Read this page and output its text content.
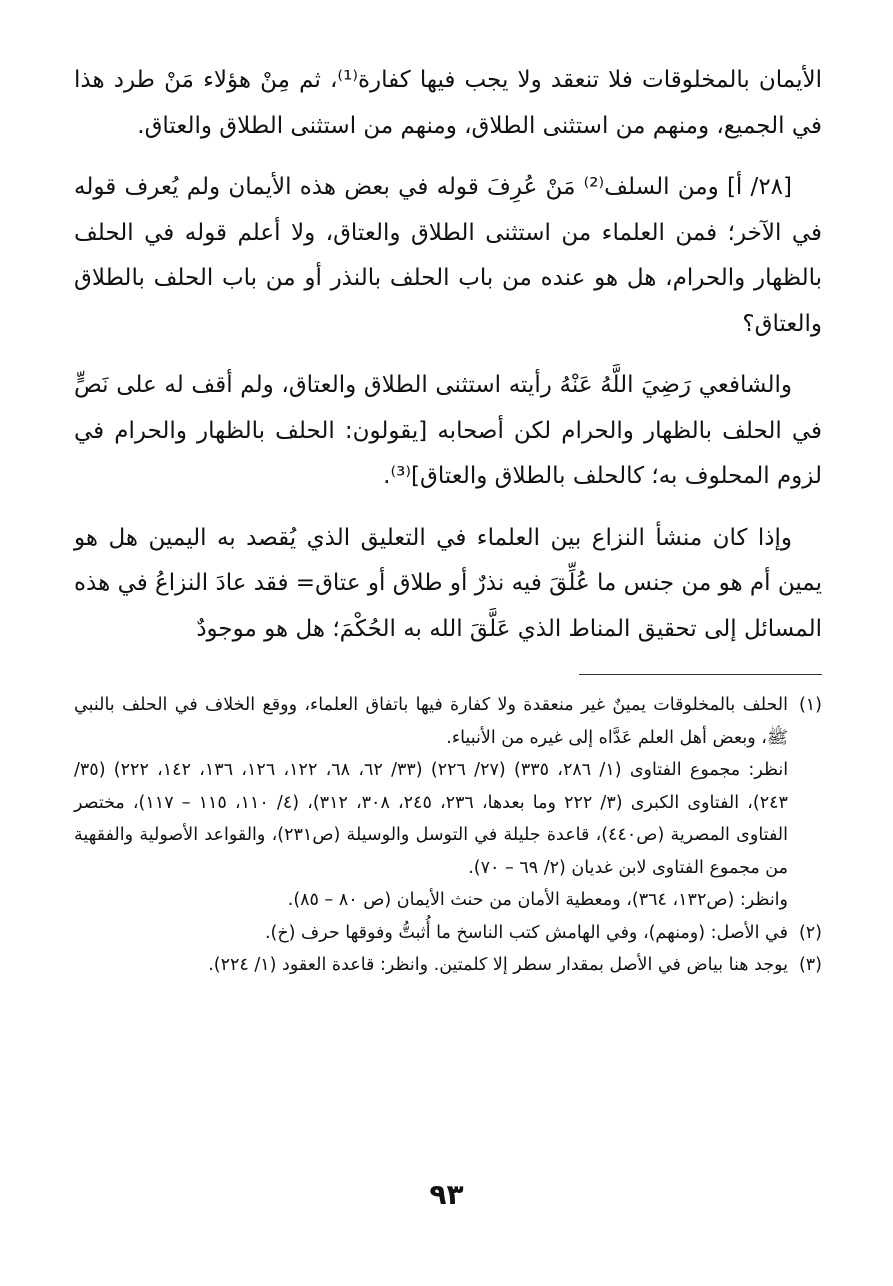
الأيمان بالمخلوقات فلا تنعقد ولا يجب فيها كفارة⁽¹⁾، ثم مِنْ هؤلاء مَنْ طرد هذا في الجميع، ومنهم من استثنى الطلاق، ومنهم من استثنى الطلاق والعتاق.

[٢٨/ أ] ومن السلف⁽²⁾ مَنْ عُرِفَ قوله في بعض هذه الأيمان ولم يُعرف قوله في الآخر؛ فمن العلماء من استثنى الطلاق والعتاق، ولا أعلم قوله في الحلف بالظهار والحرام، هل هو عنده من باب الحلف بالنذر أو من باب الحلف بالطلاق والعتاق؟

والشافعي رَضِيَ اللَّهُ عَنْهُ رأيته استثنى الطلاق والعتاق، ولم أقف له على نَصٍّ في الحلف بالظهار والحرام لكن أصحابه [يقولون: الحلف بالظهار والحرام في لزوم المحلوف به؛ كالحلف بالطلاق والعتاق]⁽³⁾.

وإذا كان منشأ النزاع بين العلماء في التعليق الذي يُقصد به اليمين هل هو يمين أم هو من جنس ما عُلِّقَ فيه نذرٌ أو طلاق أو عتاق= فقد عادَ النزاعُ في هذه المسائل إلى تحقيق المناط الذي عَلَّقَ الله به الحُكْمَ؛ هل هو موجودٌ

(١)

الحلف بالمخلوقات يمينٌ غير منعقدة ولا كفارة فيها باتفاق العلماء، ووقع الخلاف في الحلف بالنبي ﷺ، وبعض أهل العلم عَدَّاه إلى غيره من الأنبياء.

انظر: مجموع الفتاوى (١/ ٢٨٦، ٣٣٥) (٢٧/ ٢٢٦) (٣٣/ ٦٢، ٦٨، ١٢٢، ١٢٦، ١٣٦، ١٤٢، ٢٢٢) (٣٥/ ٢٤٣)، الفتاوى الكبرى (٣/ ٢٢٢ وما بعدها، ٢٣٦، ٢٤٥، ٣٠٨، ٣١٢)، (٤/ ١١٠، ١١٥ – ١١٧)، مختصر الفتاوى المصرية (ص٤٤٠)، قاعدة جليلة في التوسل والوسيلة (ص٢٣١)، والقواعد الأصولية والفقهية من مجموع الفتاوى لابن غديان (٢/ ٦٩ – ٧٠).

وانظر: (ص١٣٢، ٣٦٤)، ومعطية الأمان من حنث الأيمان (ص ٨٠ – ٨٥).

(٢)

في الأصل: (ومنهم)، وفي الهامش كتب الناسخ ما أُثبتُّ وفوقها حرف (خ).

(٣)

يوجد هنا بياض في الأصل بمقدار سطر إلا كلمتين. وانظر: قاعدة العقود (١/ ٢٢٤).

٩٣
